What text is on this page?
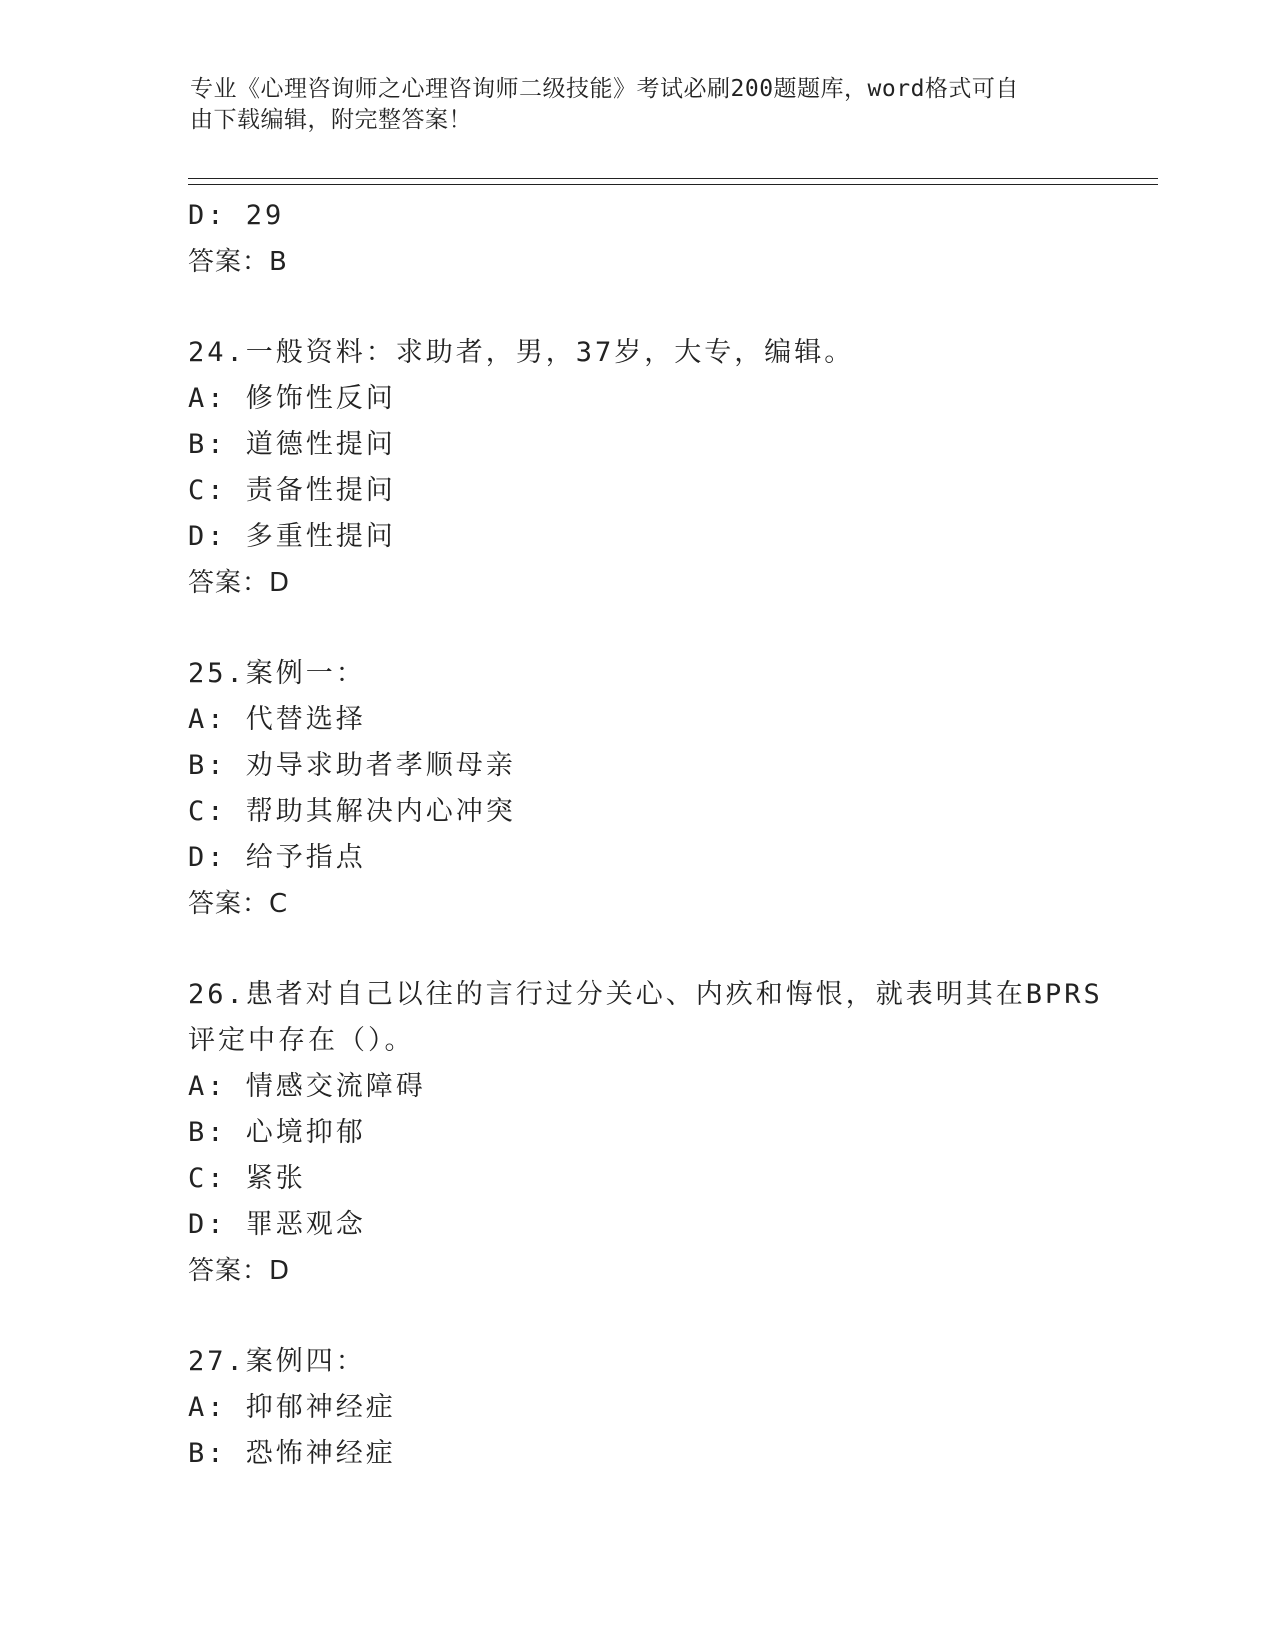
专业《心理咨询师之心理咨询师二级技能》考试必刷200题题库，word格式可自
由下载编辑，附完整答案！
D: 29
答案：B
24.一般资料：求助者，男，37岁，大专，编辑。
A: 修饰性反问
B: 道德性提问
C: 责备性提问
D: 多重性提问
答案：D
25.案例一：
A: 代替选择
B: 劝导求助者孝顺母亲
C: 帮助其解决内心冲突
D: 给予指点
答案：C
26.患者对自己以往的言行过分关心、内疚和悔恨，就表明其在BPRS
评定中存在（）。
A: 情感交流障碍
B: 心境抑郁
C: 紧张
D: 罪恶观念
答案：D
27.案例四：
A: 抑郁神经症
B: 恐怖神经症
